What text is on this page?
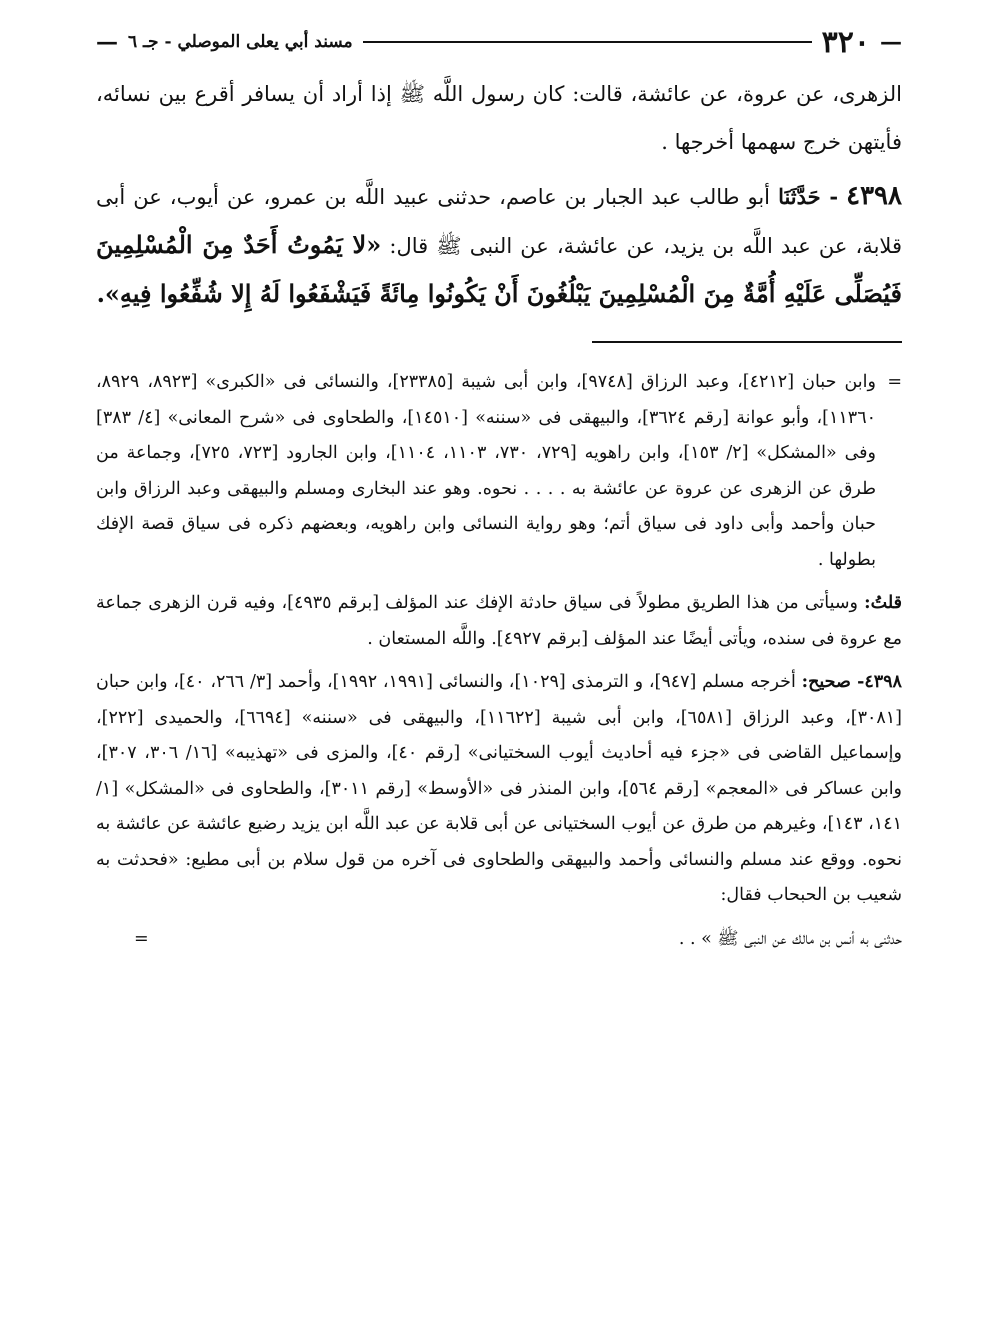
—
٣٢٠
مسند أبي يعلى الموصلي - جـ ٦
—

الزهرى، عن عروة، عن عائشة، قالت: كان رسول اللَّه ﷺ إذا أراد أن يسافر أقرع بين نسائه، فأيتهن خرج سهمها أخرجها .

٤٣٩٨ - حَدَّثَنَا أبو طالب عبد الجبار بن عاصم، حدثنى عبيد اللَّه بن عمرو، عن أيوب، عن أبى قلابة، عن عبد اللَّه بن يزيد، عن عائشة، عن النبى ﷺ قال: «لا يَمُوتُ أَحَدٌ مِنَ الْمُسْلِمِينَ فَيُصَلِّى عَلَيْهِ أُمَّةٌ مِنَ الْمُسْلِمِينَ يَبْلُغُونَ أَنْ يَكُونُوا مِائَةً فَيَشْفَعُوا لَهُ إِلا شُفِّعُوا فِيهِ».

=
وابن حبان [٤٢١٢]، وعبد الرزاق [٩٧٤٨]، وابن أبى شيبة [٢٣٣٨٥]، والنسائى فى «الكبرى» [٨٩٢٣، ٨٩٢٩، ١١٣٦٠]، وأبو عوانة [رقم ٣٦٢٤]، والبيهقى فى «سننه» [١٤٥١٠]، والطحاوى فى «شرح المعانى» [٤/ ٣٨٣] وفى «المشكل» [٢/ ١٥٣]، وابن راهويه [٧٢٩، ٧٣٠، ١١٠٣، ١١٠٤]، وابن الجارود [٧٢٣، ٧٢٥]، وجماعة من طرق عن الزهرى عن عروة عن عائشة به . . . . نحوه. وهو عند البخارى ومسلم والبيهقى وعبد الرزاق وابن حبان وأحمد وأبى داود فى سياق أتم؛ وهو رواية النسائى وابن راهويه، وبعضهم ذكره فى سياق قصة الإفك بطولها .

قلتُ: وسيأتى من هذا الطريق مطولاً فى سياق حادثة الإفك عند المؤلف [برقم ٤٩٣٥]، وفيه قرن الزهرى جماعة مع عروة فى سنده، ويأتى أيضًا عند المؤلف [برقم ٤٩٢٧]. واللَّه المستعان .

٤٣٩٨- صحيح: أخرجه مسلم [٩٤٧]، و الترمذى [١٠٢٩]، والنسائى [١٩٩١، ١٩٩٢]، وأحمد [٣/ ٢٦٦، ٤٠]، وابن حبان [٣٠٨١]، وعبد الرزاق [٦٥٨١]، وابن أبى شيبة [١١٦٢٢]، والبيهقى فى «سننه» [٦٦٩٤]، والحميدى [٢٢٢]، وإسماعيل القاضى فى «جزء فيه أحاديث أيوب السختيانى» [رقم ٤٠]، والمزى فى «تهذيبه» [١٦/ ٣٠٦، ٣٠٧]، وابن عساكر فى «المعجم» [رقم ٥٦٤]، وابن المنذر فى «الأوسط» [رقم ٣٠١١]، والطحاوى فى «المشكل» [١/ ١٤١، ١٤٣]، وغيرهم من طرق عن أيوب السختيانى عن أبى قلابة عن عبد اللَّه ابن يزيد رضيع عائشة عن عائشة به نحوه. ووقع عند مسلم والنسائى وأحمد والبيهقى والطحاوى فى آخره من قول سلام بن أبى مطيع: «فحدثت به شعيب بن الحبحاب فقال:

حدثنى به أنس بن مالك عن النبى ﷺ » . .
=
